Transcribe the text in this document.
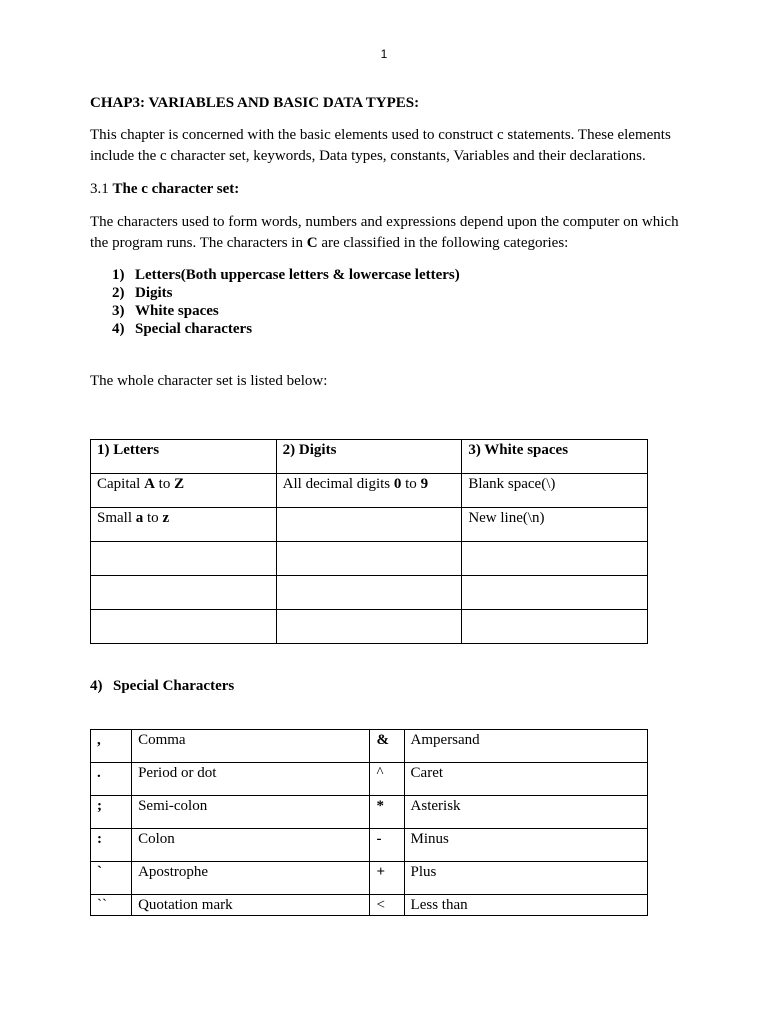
1
CHAP3: VARIABLES AND BASIC DATA TYPES:
This chapter is concerned with the basic elements used to construct c statements. These elements include the c character set, keywords, Data types, constants, Variables and their declarations.
3.1 The c character set:
The characters used to form words, numbers and expressions depend upon the computer on which the program runs. The characters in C are classified in the following categories:
1) Letters(Both uppercase letters & lowercase letters)
2) Digits
3) White spaces
4) Special characters
The whole character set is listed below:
1) Letters	2) Digits	3) White spaces
Capital A to Z	All decimal digits 0 to 9	Blank space(\)
Small a to z		New line(\n)

4) Special Characters
,	Comma	&	Ampersand
.	Period or dot	^	Caret
;	Semi-colon	*	Asterisk
:	Colon	-	Minus
`	Apostrophe	+	Plus
``	Quotation mark	<	Less than
